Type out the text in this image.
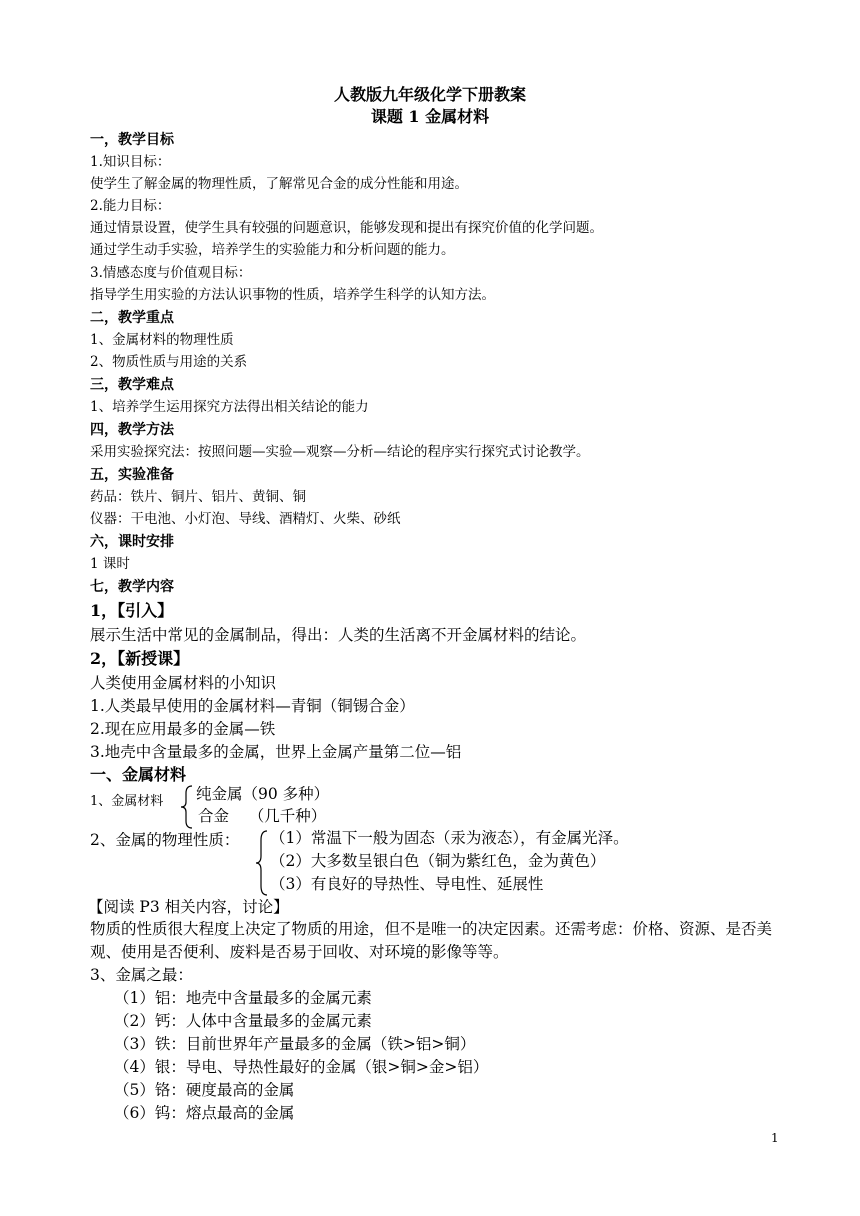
人教版九年级化学下册教案
课题 1 金属材料
一，教学目标
1.知识目标：
使学生了解金属的物理性质，了解常见合金的成分性能和用途。
2.能力目标：
通过情景设置，使学生具有较强的问题意识，能够发现和提出有探究价值的化学问题。
通过学生动手实验，培养学生的实验能力和分析问题的能力。
3.情感态度与价值观目标：
指导学生用实验的方法认识事物的性质，培养学生科学的认知方法。
二，教学重点
1、金属材料的物理性质
2、物质性质与用途的关系
三，教学难点
1、培养学生运用探究方法得出相关结论的能力
四，教学方法
采用实验探究法：按照问题—实验—观察—分析—结论的程序实行探究式讨论教学。
五，实验准备
药品：铁片、铜片、铝片、黄铜、铜
仪器：干电池、小灯泡、导线、酒精灯、火柴、砂纸
六，课时安排
1 课时
七，教学内容
1，【引入】
展示生活中常见的金属制品，得出：人类的生活离不开金属材料的结论。
2，【新授课】
人类使用金属材料的小知识
1.人类最早使用的金属材料—青铜（铜锡合金）
2.现在应用最多的金属—铁
3.地壳中含量最多的金属，世界上金属产量第二位—铝
一、金属材料
1、金属材料 纯金属（90 多种）
合金    （几千种）
2、金属的物理性质： （1）常温下一般为固态（汞为液态），有金属光泽。
（2）大多数呈银白色（铜为紫红色，金为黄色）
（3）有良好的导热性、导电性、延展性
【阅读 P3 相关内容，讨论】
物质的性质很大程度上决定了物质的用途，但不是唯一的决定因素。还需考虑：价格、资源、是否美观、使用是否便利、废料是否易于回收、对环境的影像等等。
3、金属之最：
（1）铝：地壳中含量最多的金属元素
（2）钙：人体中含量最多的金属元素
（3）铁：目前世界年产量最多的金属（铁>铝>铜）
（4）银：导电、导热性最好的金属（银>铜>金>铝）
（5）铬：硬度最高的金属
（6）钨：熔点最高的金属
1
